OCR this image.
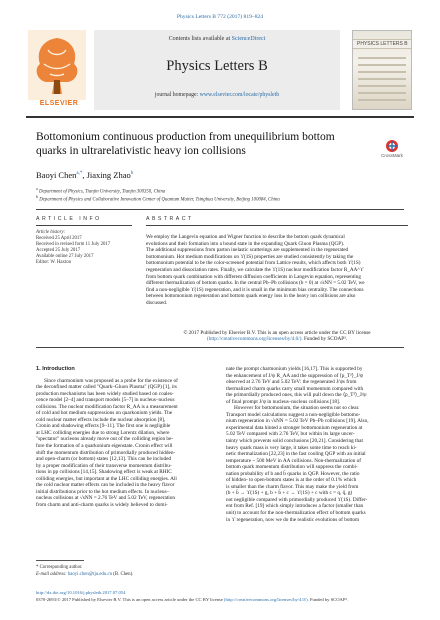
Physics Letters B 772 (2017) 819–824
ELSEVIER
Contents lists available at ScienceDirect
Physics Letters B
journal homepage: www.elsevier.com/locate/physletb
PHYSICS LETTERS B
Bottomonium continuous production from unequilibrium bottom quarks in ultrarelativistic heavy ion collisions	CrossMark
Baoyi Chen$^{a,*}$, Jiaxing Zhao$^b$
$^a$ Department of Physics, Tianjin University, Tianjin 300350, China
$^b$ Department of Physics and Collaborative Innovation Center of Quantum Matter, Tsinghua University, Beijing 100084, China
ARTICLE INFO	ABSTRACT
Article history:
Received 25 April 2017
Received in revised form 11 July 2017
Accepted 25 July 2017
Available online 27 July 2017
Editor: W. Haxton
We employ the Langevin equation and Wigner function to describe the bottom quark dynamical
evolutions and their formation into a bound state in the expanding Quark Gluon Plasma (QGP).
The additional suppressions from parton inelastic scatterings are supplemented in the regenerated
bottomonium. Hot medium modifications on ϒ(1S) properties are studied consistently by taking the
bottomonium potential to be the color-screened potential from Lattice results, which affects both ϒ(1S)
regeneration and dissociation rates. Finally, we calculate the ϒ(1S) nuclear modification factor R_AA^ϒ
from bottom quark combination with different diffusion coefficients in Langevin equation, representing
different thermalization of bottom quarks. In the central Pb–Pb collisions (b = 0) at √sNN = 5.02 TeV, we
find a non-negligible ϒ(1S) regeneration, and it is small in the minimum bias centrality. The connections
between bottomonium regeneration and bottom quark energy loss in the heavy ion collisions are also
discussed.
© 2017 Published by Elsevier B.V. This is an open access article under the CC BY license
(http://creativecommons.org/licenses/by/4.0/). Funded by SCOAP³.
1. Introduction
Since charmonium was proposed as a probe for the existence of
the deconfined matter called "Quark–Gluon Plasma" (QGP) [1], its
production mechanisms has been widely studied based on coales-
cence model [2–4] and transport models [5–7] in nucleus–nucleus
collisions. The nuclear modification factor R_AA is a measurement
of cold and hot medium suppressions on quarkonium yields. The
cold nuclear matter effects include the nuclear absorption [8],
Cronin and shadowing effects [9–11]. The first one is negligible
at LHC colliding energies due to strong Lorentz dilation, where
"spectator" nucleons already move out of the colliding region be-
fore the formation of a quarkonium eigenstate. Cronin effect will
shift the momentum distribution of primordially produced hidden-
and open-charm (or bottom) states [12,13]. This can be included
by a proper modification of their transverse momentum distribu-
tions in pp collisions [14,15]. Shadowing effect is weak at RHIC
colliding energies, but important at the LHC colliding energies. All
the cold nuclear matter effects can be included in the heavy flavor
initial distributions prior to the hot medium effects. In nucleus–
nucleus collisions at √sNN = 2.76 TeV and 5.02 TeV, regeneration
from charm and anti-charm quarks is widely believed to domi-
nate the prompt charmonium yields [16,17]. This is supported by
the enhancement of J/ψ R_AA and the suppression of ⟨p_T²⟩_J/ψ
observed at 2.76 TeV and 5.02 TeV: the regenerated J/ψs from
thermalized charm quarks carry small momentum compared with
the primordially produced ones, this will pull down the ⟨p_T²⟩_J/ψ
of final prompt J/ψ in nucleus–nucleus collisions [18].
However for bottomonium, the situation seems not so clear.
Transport model calculations suggest a non-negligible bottomo-
nium regeneration in √sNN = 5.02 TeV Pb–Pb collisions [19]. Also,
experimental data hinted a stronger bottomonium regeneration at
5.02 TeV compared with 2.76 TeV, but within its large uncer-
tainty which prevents solid conclusions [20,21]. Considering that
heavy quark mass is very large, it takes some time to reach ki-
netic thermalization [22,23] in the fast cooling QGP with an initial
temperature ~ 500 MeV in AA collisions. Non-thermalization of
bottom quark momentum distribution will suppress the combi-
nation probability of b and b̄ quarks in QGP. However, the ratio
of hidden- to open-bottom states is at the order of 0.1% which
is smaller than the charm flavor. This may make the yield from
(b + b̄ → ϒ(1S) + g, b + b̄ + c → ϒ(1S) + c with c = q, q̄, g)
not negligible compared with primordially produced ϒ(1S). Differ-
ent from Ref. [19] which simply introduces a factor (smaller than
unit) to account for the non-thermalization effect of bottom quarks
in ϒ regeneration, now we do the realistic evolutions of bottom
* Corresponding author.
E-mail address: baoyi.chen@tju.edu.cn (B. Chen).
http://dx.doi.org/10.1016/j.physletb.2017.07.054
0370-2693/© 2017 Published by Elsevier B.V. This is an open access article under the CC BY license (http://creativecommons.org/licenses/by/4.0/). Funded by SCOAP³.
